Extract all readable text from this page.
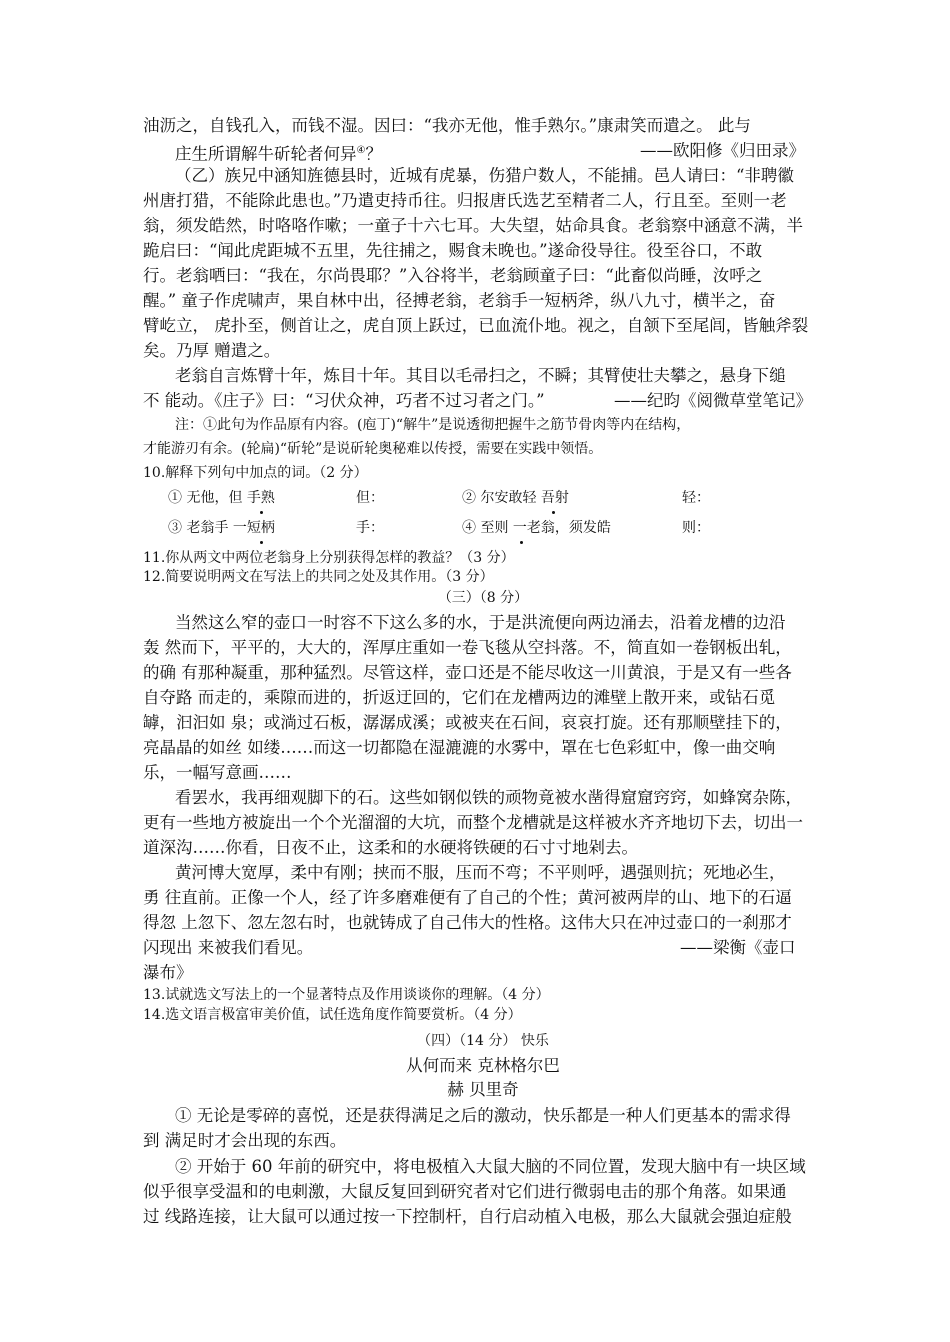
油沥之，自钱孔入，而钱不湿。因曰：“我亦无他，惟手熟尔。”康肃笑而遣之。 此与
庄生所谓解牛斫轮者何异④？	——欧阳修《归田录》
（乙）族兄中涵知旌德县时，近城有虎暴，伤猎户数人，不能捕。邑人请曰：“非聘徽
州唐打猎，不能除此患也。”乃遣吏持币往。归报唐氏选艺至精者二人，行且至。至则一老
翁，须发皓然，时咯咯作嗽；一童子十六七耳。大失望，姑命具食。老翁察中涵意不满，半
跪启曰：“闻此虎距城不五里，先往捕之，赐食未晚也。”遂命役导往。役至谷口，不敢
行。老翁哂曰：“我在，尔尚畏耶？”入谷将半，老翁顾童子曰：“此畜似尚睡，汝呼之
醒。” 童子作虎啸声，果自林中出，径搏老翁，老翁手一短柄斧，纵八九寸，横半之，奋
臂屹立， 虎扑至，侧首让之，虎自顶上跃过，已血流仆地。视之，自颔下至尾闾，皆触斧裂
矣。乃厚 赠遣之。
老翁自言炼臂十年，炼目十年。其目以毛帚扫之，不瞬；其臂使壮夫攀之，悬身下缒
不 能动。《庄子》曰：“习伏众神，巧者不过习者之门。”	——纪昀《阅微草堂笔记》
注：①此句为作品原有内容。(庖丁)“解牛”是说透彻把握牛之筋节骨肉等内在结构，
才能游刃有余。(轮扁)“斫轮”是说斫轮奥秘难以传授，需要在实践中领悟。
10.解释下列句中加点的词。（2 分）
① 无他，但 手熟	但：	② 尔安敢轻 吾射	轻：
③ 老翁手 一短柄	手：	④ 至则 一老翁，须发皓	则：
11.你从两文中两位老翁身上分别获得怎样的教益？（3 分）
12.简要说明两文在写法上的共同之处及其作用。（3 分）
（三）（8 分）
当然这么窄的壶口一时容不下这么多的水，于是洪流便向两边涌去，沿着龙槽的边沿
轰 然而下，平平的，大大的，浑厚庄重如一卷飞毯从空抖落。不，简直如一卷钢板出轧，
的确 有那种凝重，那种猛烈。尽管这样，壶口还是不能尽收这一川黄浪，于是又有一些各
自夺路 而走的，乘隙而进的，折返迂回的，它们在龙槽两边的滩壁上散开来，或钻石觅
罅，汩汩如 泉；或淌过石板，潺潺成溪；或被夹在石间，哀哀打旋。还有那顺壁挂下的，
亮晶晶的如丝 如缕……而这一切都隐在湿漉漉的水雾中，罩在七色彩虹中，像一曲交响
乐，一幅写意画……
看罢水，我再细观脚下的石。这些如钢似铁的顽物竟被水凿得窟窟窍窍，如蜂窝杂陈，
更有一些地方被旋出一个个光溜溜的大坑，而整个龙槽就是这样被水齐齐地切下去，切出一
道深沟……你看，日夜不止，这柔和的水硬将铁硬的石寸寸地剁去。
黄河博大宽厚，柔中有刚；挟而不服，压而不弯；不平则呼，遇强则抗；死地必生，
勇 往直前。正像一个人，经了许多磨难便有了自己的个性；黄河被两岸的山、地下的石逼
得忽 上忽下、忽左忽右时，也就铸成了自己伟大的性格。这伟大只在冲过壶口的一刹那才
闪现出 来被我们看见。	——梁衡《壶口
瀑布》
13.试就选文写法上的一个显著特点及作用谈谈你的理解。（4 分）
14.选文语言极富审美价值，试任选角度作简要赏析。（4 分）
（四）（14 分） 快乐
从何而来 克林格尔巴
赫 贝里奇
① 无论是零碎的喜悦，还是获得满足之后的激动，快乐都是一种人们更基本的需求得
到 满足时才会出现的东西。
② 开始于 60 年前的研究中，将电极植入大鼠大脑的不同位置，发现大脑中有一块区域
似乎很享受温和的电刺激，大鼠反复回到研究者对它们进行微弱电击的那个角落。如果通
过 线路连接，让大鼠可以通过按一下控制杆，自行启动植入电极，那么大鼠就会强迫症般
